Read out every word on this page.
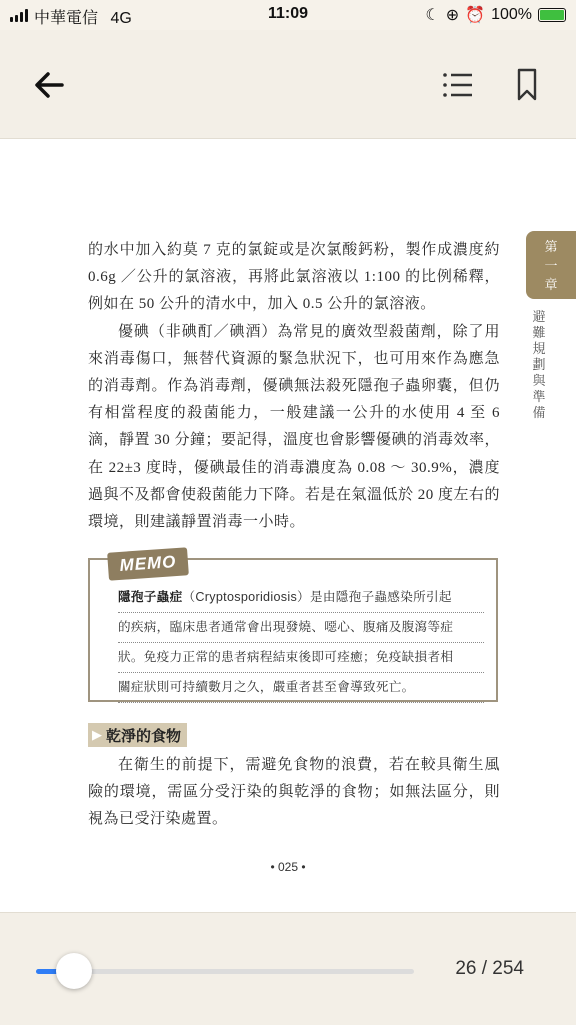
中華電信 4G	11:09	☾ ⊕ ⏰ 100%

的水中加入約莫 7 克的氯錠或是次氯酸鈣粉，製作成濃度約 0.6g ／公升的氯溶液，再將此氯溶液以 1:100 的比例稀釋，例如在 50 公升的清水中，加入 0.5 公升的氯溶液。

優碘（非碘酊／碘酒）為常見的廣效型殺菌劑，除了用來消毒傷口，無替代資源的緊急狀況下，也可用來作為應急的消毒劑。作為消毒劑，優碘無法殺死隱孢子蟲卵囊，但仍有相當程度的殺菌能力，一般建議一公升的水使用 4 至 6 滴，靜置 30 分鐘；要記得，溫度也會影響優碘的消毒效率，在 22±3 度時，優碘最佳的消毒濃度為 0.08 ～ 30.9%，濃度過與不及都會使殺菌能力下降。若是在氣溫低於 20 度左右的環境，則建議靜置消毒一小時。

第一章
避難規劃與準備
MEMO
隱孢子蟲症（Cryptosporidiosis）是由隱孢子蟲感染所引起
的疾病，臨床患者通常會出現發燒、噁心、腹痛及腹瀉等症
狀。免疫力正常的患者病程結束後即可痊癒；免疫缺損者相
關症狀則可持續數月之久，嚴重者甚至會導致死亡。
▶ 乾淨的食物

在衛生的前提下，需避免食物的浪費，若在較具衛生風險的環境，需區分受汙染的與乾淨的食物；如無法區分，則視為已受汙染處置。

• 025 •
26 / 254
